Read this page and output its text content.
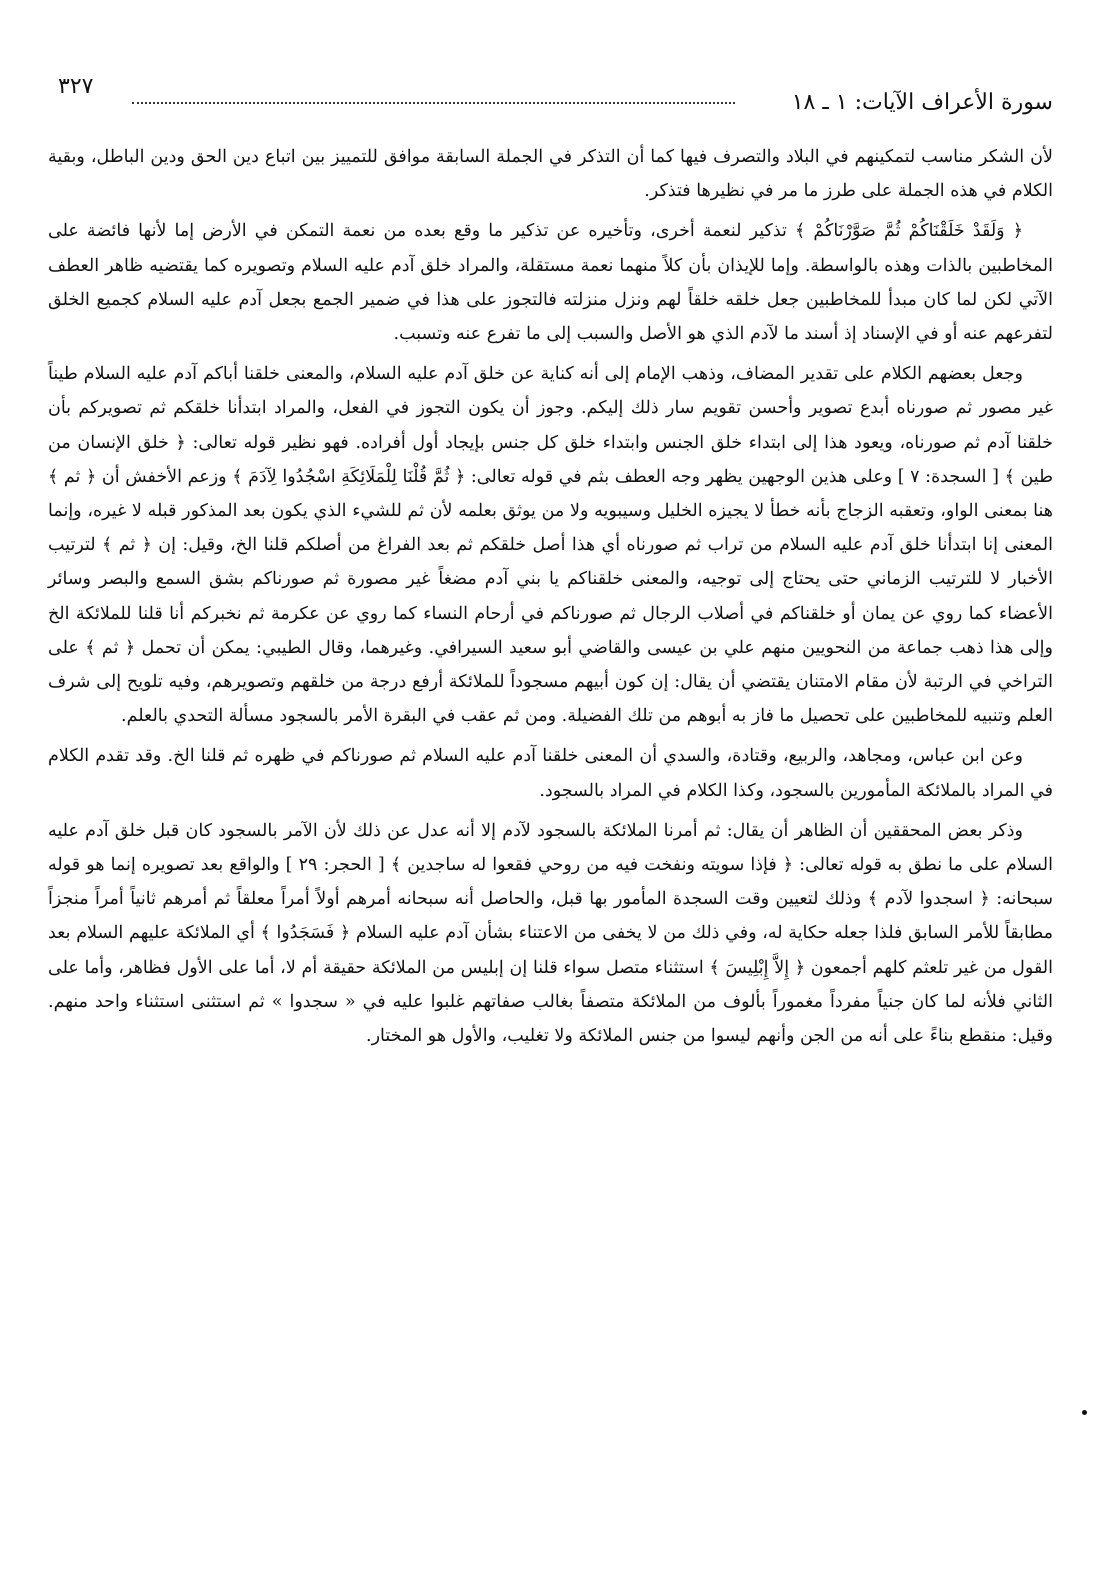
سورة الأعراف الآيات: ١ ـ ١٨
٣٢٧

لأن الشكر مناسب لتمكينهم في البلاد والتصرف فيها كما أن التذكر في الجملة السابقة موافق للتمييز بين اتباع دين الحق ودين الباطل، وبقية الكلام في هذه الجملة على طرز ما مر في نظيرها فتذكر.

﴿ وَلَقَدْ خَلَقْنَاكُمْ ثُمَّ صَوَّرْنَاكُمْ ﴾ تذكير لنعمة أخرى، وتأخيره عن تذكير ما وقع بعده من نعمة التمكن في الأرض إما لأنها فائضة على المخاطبين بالذات وهذه بالواسطة. وإما للإيذان بأن كلاً منهما نعمة مستقلة، والمراد خلق آدم عليه السلام وتصويره كما يقتضيه ظاهر العطف الآتي لكن لما كان مبدأ للمخاطبين جعل خلقه خلقاً لهم ونزل منزلته فالتجوز على هذا في ضمير الجمع بجعل آدم عليه السلام كجميع الخلق لتفرعهم عنه أو في الإسناد إذ أسند ما لآدم الذي هو الأصل والسبب إلى ما تفرع عنه وتسبب.

وجعل بعضهم الكلام على تقدير المضاف، وذهب الإمام إلى أنه كناية عن خلق آدم عليه السلام، والمعنى خلقنا أباكم آدم عليه السلام طيناً غير مصور ثم صورناه أبدع تصوير وأحسن تقويم سار ذلك إليكم. وجوز أن يكون التجوز في الفعل، والمراد ابتدأنا خلقكم ثم تصويركم بأن خلقنا آدم ثم صورناه، ويعود هذا إلى ابتداء خلق الجنس وابتداء خلق كل جنس بإيجاد أول أفراده. فهو نظير قوله تعالى: ﴿ خلق الإنسان من طين ﴾ [ السجدة: ٧ ] وعلى هذين الوجهين يظهر وجه العطف بثم في قوله تعالى: ﴿ ثُمَّ قُلْنَا لِلْمَلَائِكَةِ اسْجُدُوا لِآدَمَ ﴾ وزعم الأخفش أن ﴿ ثم ﴾ هنا بمعنى الواو، وتعقبه الزجاج بأنه خطأ لا يجيزه الخليل وسيبويه ولا من يوثق بعلمه لأن ثم للشيء الذي يكون بعد المذكور قبله لا غيره، وإنما المعنى إنا ابتدأنا خلق آدم عليه السلام من تراب ثم صورناه أي هذا أصل خلقكم ثم بعد الفراغ من أصلكم قلنا الخ، وقيل: إن ﴿ ثم ﴾ لترتيب الأخبار لا للترتيب الزماني حتى يحتاج إلى توجيه، والمعنى خلقناكم يا بني آدم مضغاً غير مصورة ثم صورناكم بشق السمع والبصر وسائر الأعضاء كما روي عن يمان أو خلقناكم في أصلاب الرجال ثم صورناكم في أرحام النساء كما روي عن عكرمة ثم نخبركم أنا قلنا للملائكة الخ وإلى هذا ذهب جماعة من النحويين منهم علي بن عيسى والقاضي أبو سعيد السيرافي. وغيرهما، وقال الطيبي: يمكن أن تحمل ﴿ ثم ﴾ على التراخي في الرتبة لأن مقام الامتنان يقتضي أن يقال: إن كون أبيهم مسجوداً للملائكة أرفع درجة من خلقهم وتصويرهم، وفيه تلويح إلى شرف العلم وتنبيه للمخاطبين على تحصيل ما فاز به أبوهم من تلك الفضيلة. ومن ثم عقب في البقرة الأمر بالسجود مسألة التحدي بالعلم.

وعن ابن عباس، ومجاهد، والربيع، وقتادة، والسدي أن المعنى خلقنا آدم عليه السلام ثم صورناكم في ظهره ثم قلنا الخ. وقد تقدم الكلام في المراد بالملائكة المأمورين بالسجود، وكذا الكلام في المراد بالسجود.

وذكر بعض المحققين أن الظاهر أن يقال: ثم أمرنا الملائكة بالسجود لآدم إلا أنه عدل عن ذلك لأن الآمر بالسجود كان قبل خلق آدم عليه السلام على ما نطق به قوله تعالى: ﴿ فإذا سويته ونفخت فيه من روحي فقعوا له ساجدين ﴾ [ الحجر: ٢٩ ] والواقع بعد تصويره إنما هو قوله سبحانه: ﴿ اسجدوا لآدم ﴾ وذلك لتعيين وقت السجدة المأمور بها قبل، والحاصل أنه سبحانه أمرهم أولاً أمراً معلقاً ثم أمرهم ثانياً أمراً منجزاً مطابقاً للأمر السابق فلذا جعله حكاية له، وفي ذلك من لا يخفى من الاعتناء بشأن آدم عليه السلام ﴿ فَسَجَدُوا ﴾ أي الملائكة عليهم السلام بعد القول من غير تلعثم كلهم أجمعون ﴿ إِلاَّ إِبْلِيسَ ﴾ استثناء متصل سواء قلنا إن إبليس من الملائكة حقيقة أم لا، أما على الأول فظاهر، وأما على الثاني فلأنه لما كان جنياً مفرداً مغموراً بألوف من الملائكة متصفاً بغالب صفاتهم غلبوا عليه في « سجدوا » ثم استثنى استثناء واحد منهم. وقيل: منقطع بناءً على أنه من الجن وأنهم ليسوا من جنس الملائكة ولا تغليب، والأول هو المختار.
